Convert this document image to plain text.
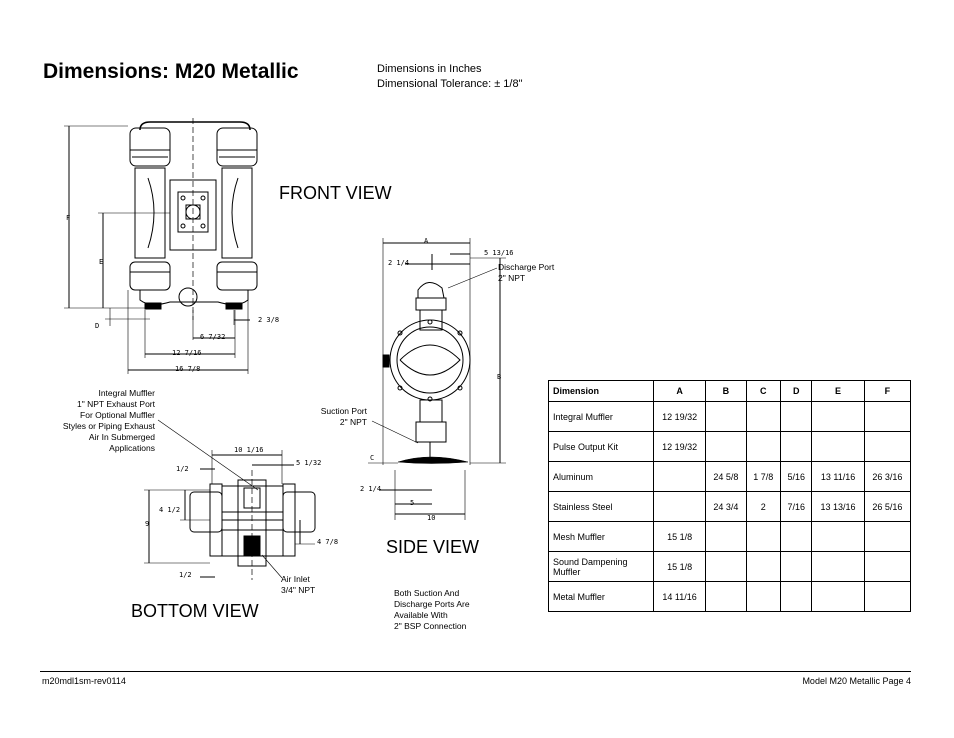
Dimensions: M20 Metallic	Dimensions in Inches
Dimensional Tolerance: ± 1/8"
F
E
D
2 3/8
6 7/32
12 7/16
16 7/8
A
5 13/16
2 1/4
B
C
2 1/4
5
10
10 1/16
5 1/32
1/2
4 1/2
9
4 7/8
1/2
FRONT VIEW
SIDE VIEW
BOTTOM VIEW
Discharge Port
2" NPT
Suction Port
2" NPT
Integral Muffler
1" NPT Exhaust Port
For Optional Muffler
Styles or Piping Exhaust
Air In Submerged
Applications
Air Inlet
3/4" NPT	Both Suction And
Discharge Ports Are
Available With
2" BSP Connection
Dimension	A	B	C	D	E	F
Integral Muffler	12 19/32					
Pulse Output Kit	12 19/32					
Aluminum		24 5/8	1 7/8	5/16	13 11/16	26 3/16
Stainless Steel		24 3/4	2	7/16	13 13/16	26 5/16
Mesh Muffler	15 1/8					
Sound Dampening Muffler	15 1/8					
Metal Muffler	14 11/16					
m20mdl1sm-rev0114	Model M20 Metallic Page 4
